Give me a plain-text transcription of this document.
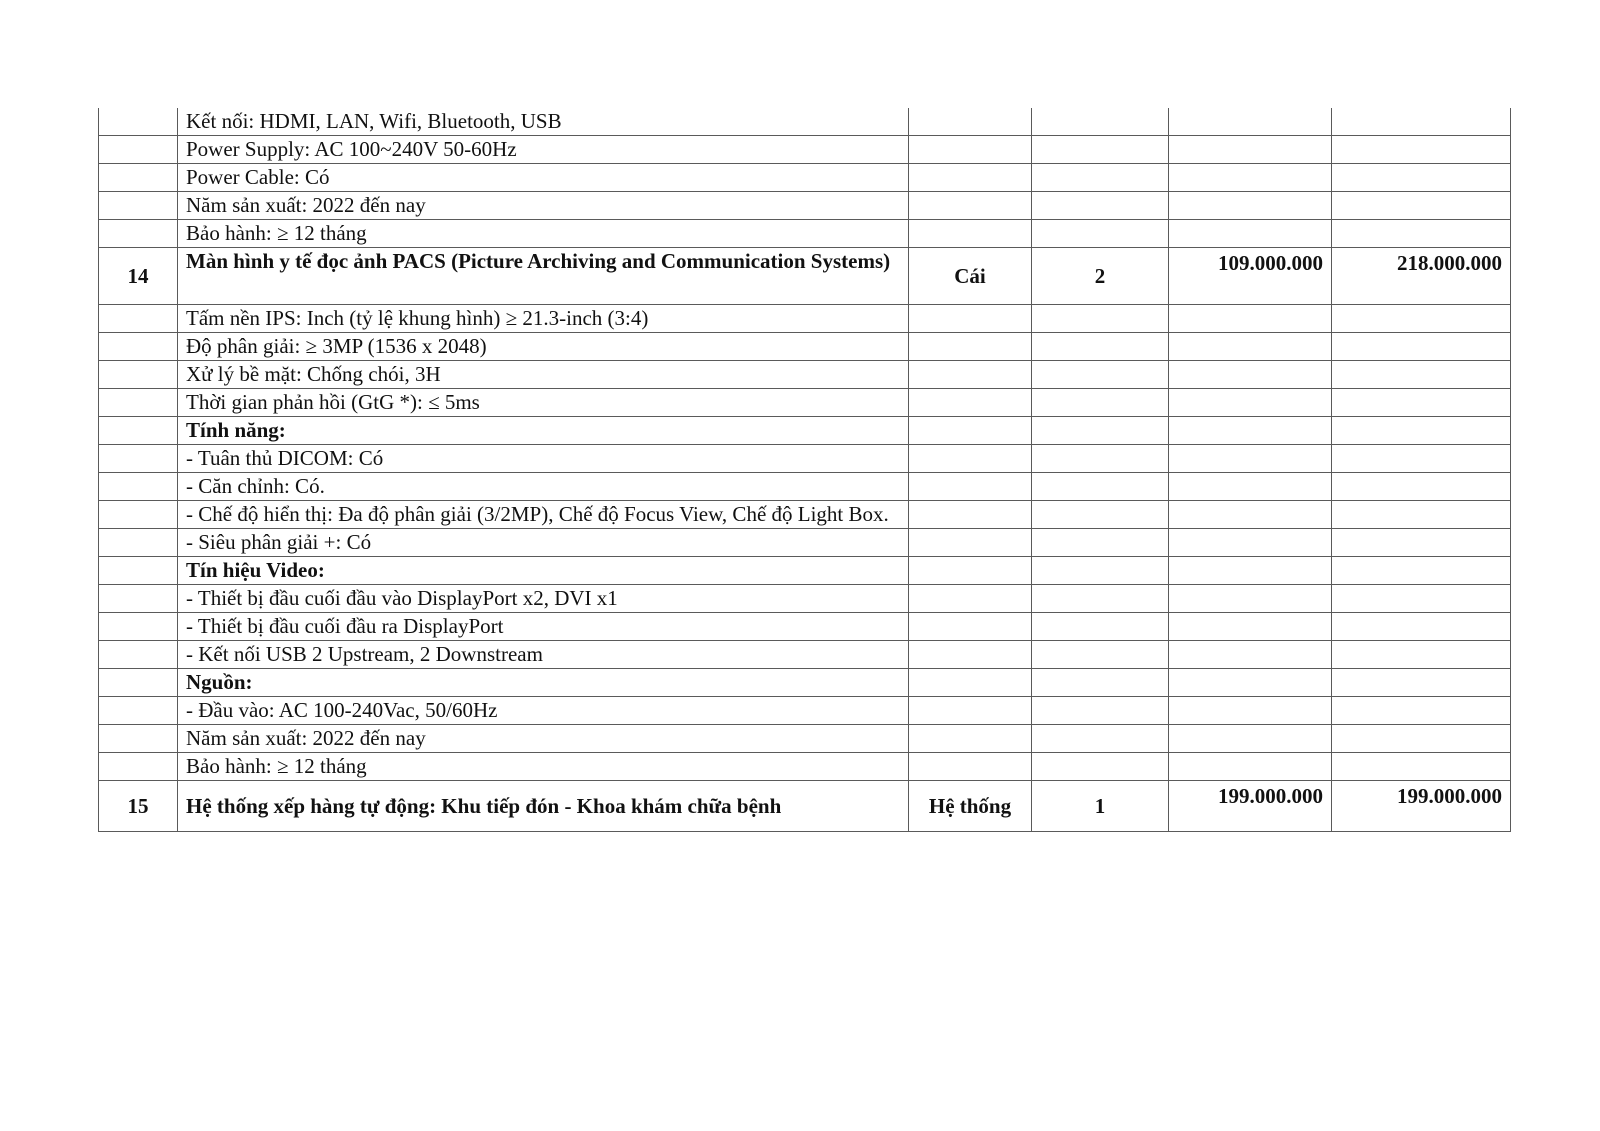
	Kết nối: HDMI, LAN, Wifi, Bluetooth, USB				
	Power Supply: AC 100~240V 50-60Hz				
	Power Cable: Có				
	Năm sản xuất: 2022 đến nay				
	Bảo hành: ≥ 12 tháng				
14	Màn hình y tế đọc ảnh PACS (Picture Archiving and Communication Systems)	Cái	2	109.000.000	218.000.000
	Tấm nền IPS: Inch (tỷ lệ khung hình) ≥ 21.3-inch (3:4)				
	Độ phân giải: ≥ 3MP (1536 x 2048)				
	Xử lý bề mặt: Chống chói, 3H				
	Thời gian phản hồi (GtG *): ≤ 5ms				
	Tính năng:				
	- Tuân thủ DICOM: Có				
	- Căn chỉnh: Có.				
	- Chế độ hiển thị: Đa độ phân giải (3/2MP), Chế độ Focus View, Chế độ Light Box.				
	- Siêu phân giải +: Có				
	Tín hiệu Video:				
	- Thiết bị đầu cuối đầu vào DisplayPort x2, DVI x1				
	- Thiết bị đầu cuối đầu ra DisplayPort				
	- Kết nối USB 2 Upstream, 2 Downstream				
	Nguồn:				
	- Đầu vào: AC 100-240Vac, 50/60Hz				
	Năm sản xuất: 2022 đến nay				
	Bảo hành: ≥ 12 tháng				
15	Hệ thống xếp hàng tự động: Khu tiếp đón - Khoa khám chữa bệnh	Hệ thống	1	199.000.000	199.000.000
